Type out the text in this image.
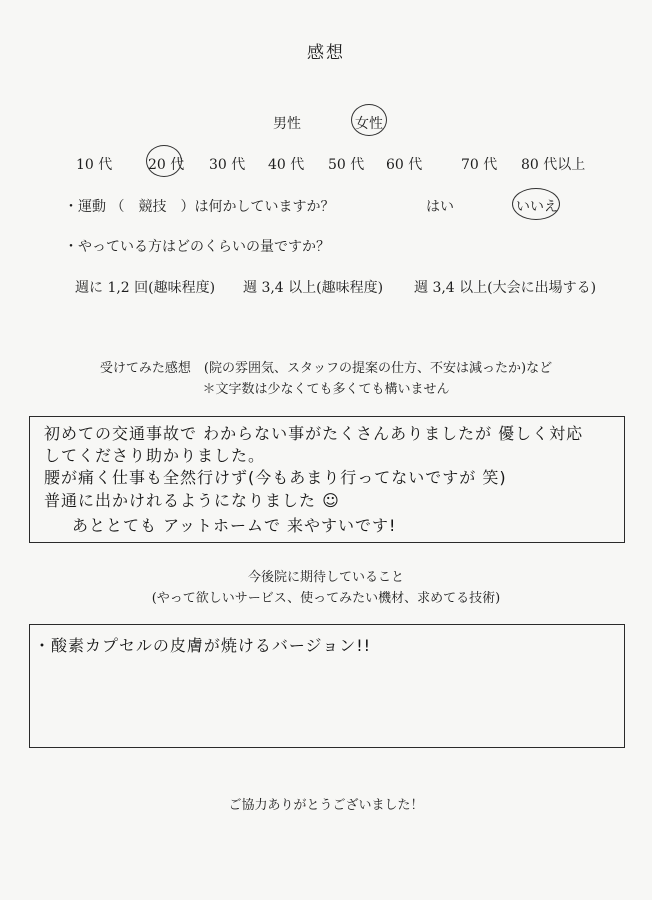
感想
男性	女性
10 代	20 代 30 代 40 代 50 代 60 代	70 代 80 代以上
・運動 （　競技　）は何かしていますか？	はい	いいえ
・やっている方はどのくらいの量ですか？
週に 1,2 回(趣味程度) 週 3,4 以上(趣味程度) 週 3,4 以上(大会に出場する)
受けてみた感想　(院の雰囲気、スタッフの提案の仕方、不安は減ったか)など
＊文字数は少なくても多くても構いません
初めての交通事故で わからない事がたくさんありましたが 優しく対応
してくださり助かりました。
腰が痛く仕事も全然行けず(今もあまり行ってないですが 笑)
普通に出かけれるようになりました ☺
あととても アットホームで 来やすいです!
今後院に期待していること
(やって欲しいサービス、使ってみたい機材、求めてる技術)
・酸素カプセルの皮膚が焼けるバージョン!!
ご協力ありがとうございました！
